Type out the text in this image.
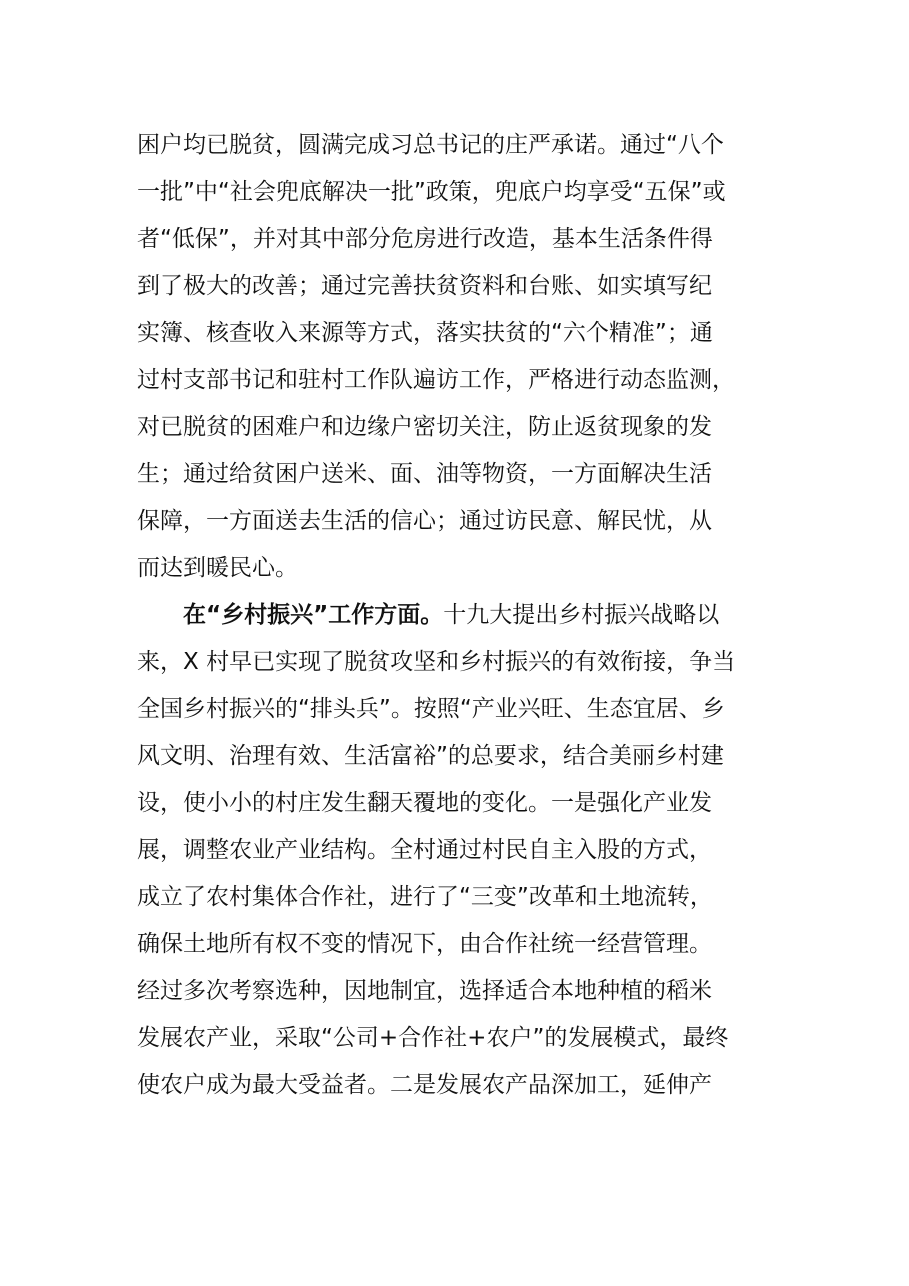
困户均已脱贫，圆满完成习总书记的庄严承诺。通过“八个
一批”中“社会兜底解决一批”政策，兜底户均享受“五保”或
者“低保”，并对其中部分危房进行改造，基本生活条件得
到了极大的改善；通过完善扶贫资料和台账、如实填写纪
实簿、核查收入来源等方式，落实扶贫的“六个精准”；通
过村支部书记和驻村工作队遍访工作，严格进行动态监测，
对已脱贫的困难户和边缘户密切关注，防止返贫现象的发
生；通过给贫困户送米、面、油等物资，一方面解决生活
保障，一方面送去生活的信心；通过访民意、解民忧，从
而达到暖民心。
在“乡村振兴”工作方面。十九大提出乡村振兴战略以
来，X 村早已实现了脱贫攻坚和乡村振兴的有效衔接，争当
全国乡村振兴的“排头兵”。按照“产业兴旺、生态宜居、乡
风文明、治理有效、生活富裕”的总要求，结合美丽乡村建
设，使小小的村庄发生翻天覆地的变化。一是强化产业发
展，调整农业产业结构。全村通过村民自主入股的方式，
成立了农村集体合作社，进行了“三变”改革和土地流转，
确保土地所有权不变的情况下，由合作社统一经营管理。
经过多次考察选种，因地制宜，选择适合本地种植的稻米
发展农产业，采取“公司+合作社+农户”的发展模式，最终
使农户成为最大受益者。二是发展农产品深加工，延伸产
